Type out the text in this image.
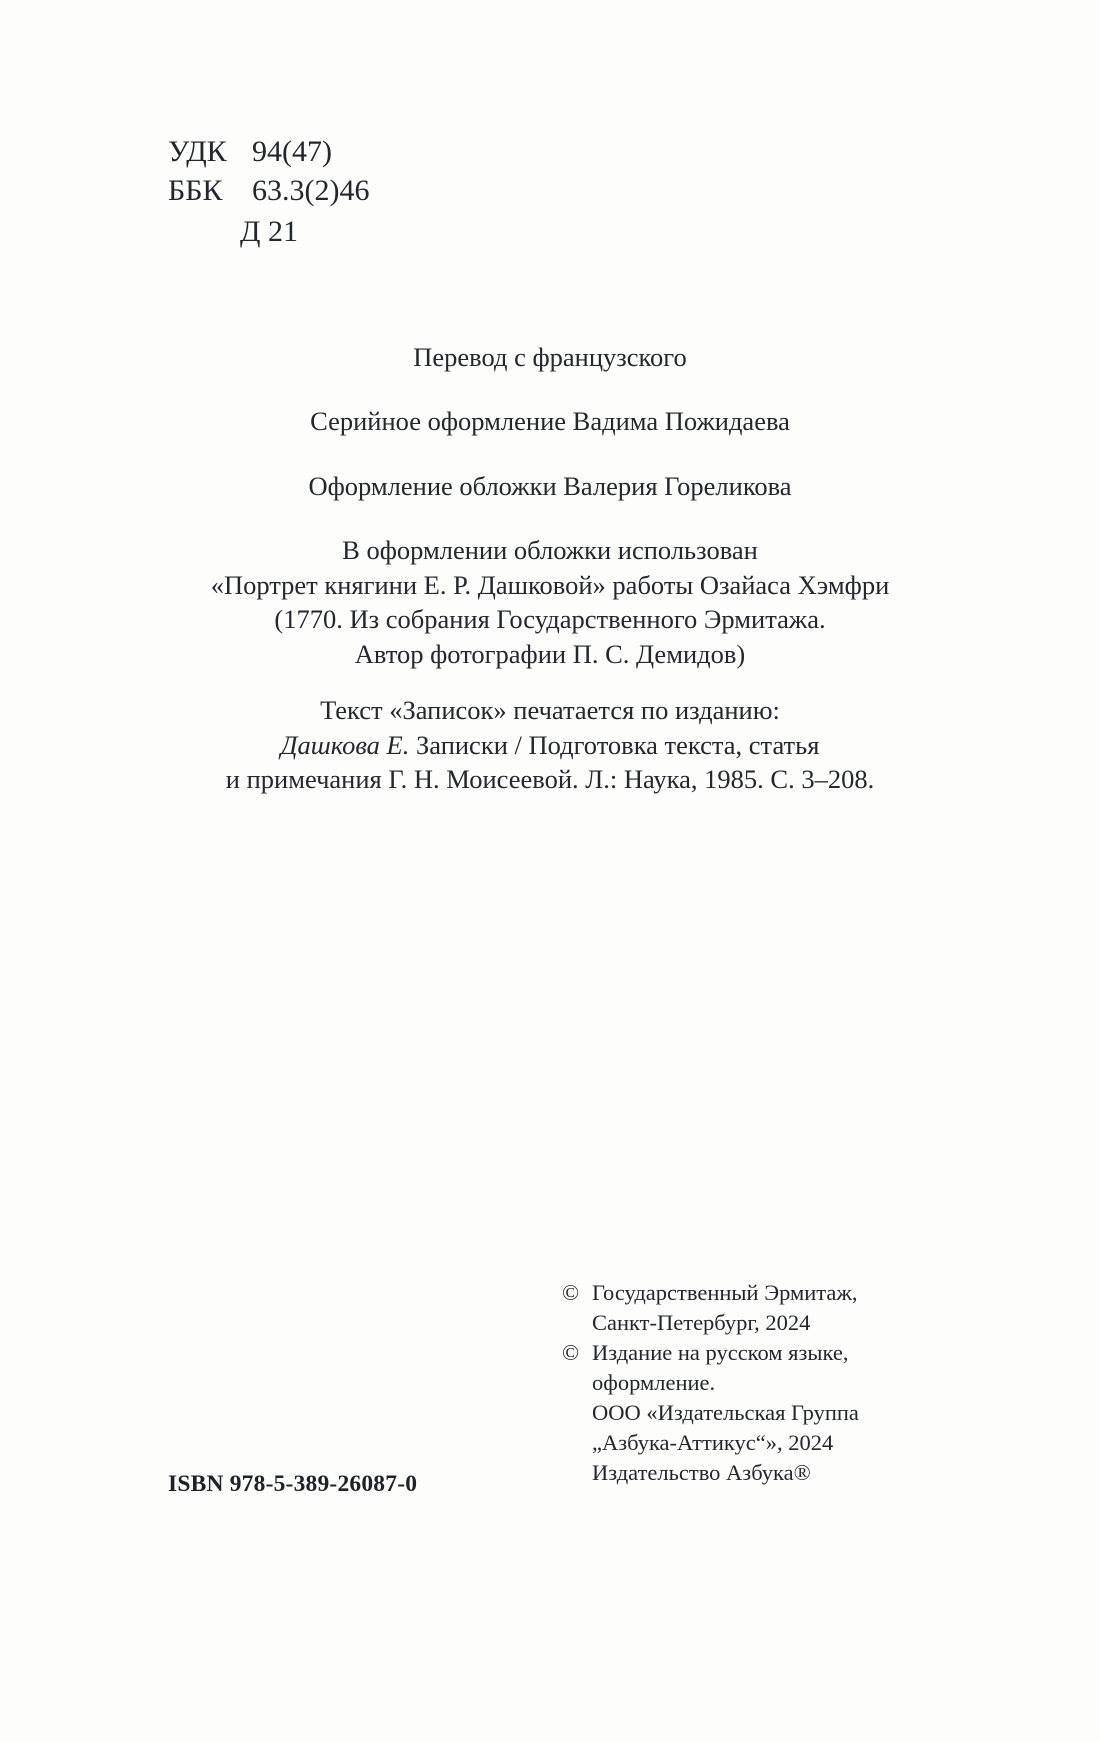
УДК 94(47)
ББК 63.3(2)46
Д 21
Перевод с французского
Серийное оформление Вадима Пожидаева
Оформление обложки Валерия Гореликова
В оформлении обложки использован
«Портрет княгини Е. Р. Дашковой» работы Озайаса Хэмфри
(1770. Из собрания Государственного Эрмитажа.
Автор фотографии П. С. Демидов)
Текст «Записок» печатается по изданию:
Дашкова Е. Записки / Подготовка текста, статья
и примечания Г. Н. Моисеевой. Л.: Наука, 1985. С. 3–208.
© Государственный Эрмитаж,
Санкт-Петербург, 2024
© Издание на русском языке,
оформление.
ООО «Издательская Группа
„Азбука-Аттикус“», 2024
Издательство Азбука®
ISBN 978-5-389-26087-0
